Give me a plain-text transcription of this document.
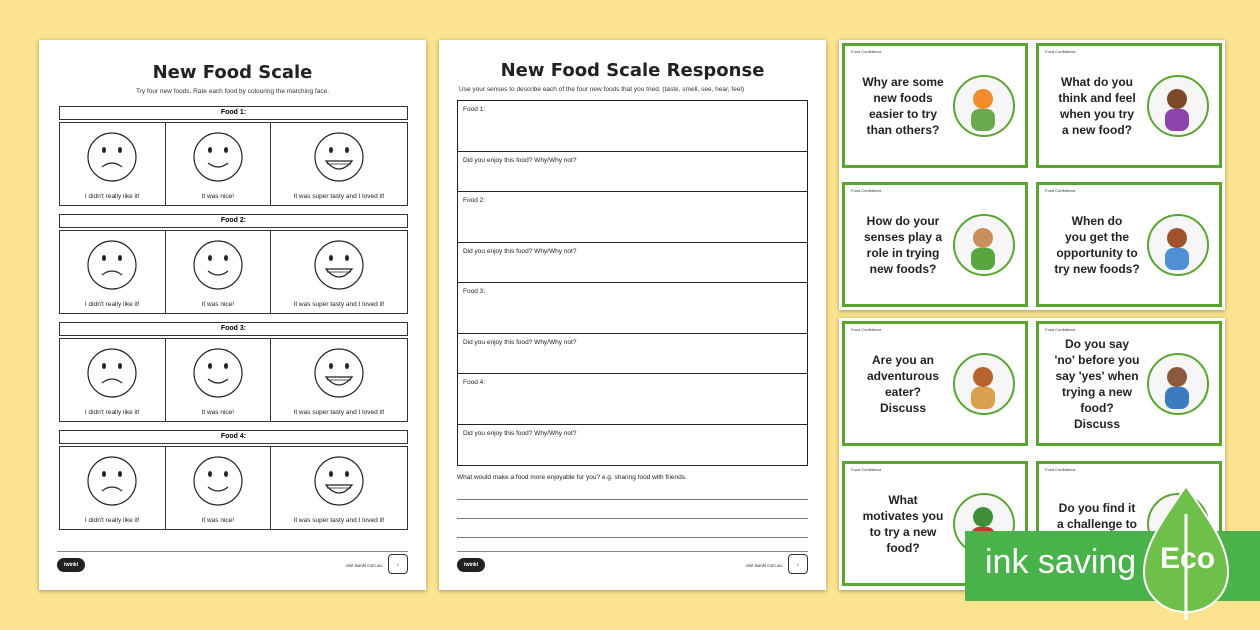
New Food Scale
Try four new foods. Rate each food by colouring the matching face.
twinkl	visit twinkl.com.au	✓
Food 1:
I didn't really like it!	It was nice!	It was super tasty and I loved it!
Food 2:
I didn't really like it!	It was nice!	It was super tasty and I loved it!
Food 3:
I didn't really like it!	It was nice!	It was super tasty and I loved it!
Food 4:
I didn't really like it!	It was nice!	It was super tasty and I loved it!
New Food Scale Response
Use your senses to describe each of the four new foods that you tried. (taste, smell, see, hear, feel)
Food 1:
Did you enjoy this food? Why/Why not?
Food 2:
Did you enjoy this food? Why/Why not?
Food 3:
Did you enjoy this food? Why/Why not?
Food 4:
Did you enjoy this food? Why/Why not?
What would make a food more enjoyable for you? e.g. sharing food with friends.
twinkl	visit twinkl.com.au	✓
Food Confidence
Why are some
new foods
easier to try
than others?
Food Confidence
What do you
think and feel
when you try
a new food?
Food Confidence
How do your
senses play a
role in trying
new foods?
Food Confidence
When do
you get the
opportunity to
try new foods?
Food Confidence
Are you an
adventurous
eater?
Discuss
Food Confidence
Do you say
'no' before you
say 'yes' when
trying a new
food?
Discuss
Food Confidence
What
motivates you
to try a new
food?
Food Confidence
Do you find it
a challenge to

ink saving Eco
